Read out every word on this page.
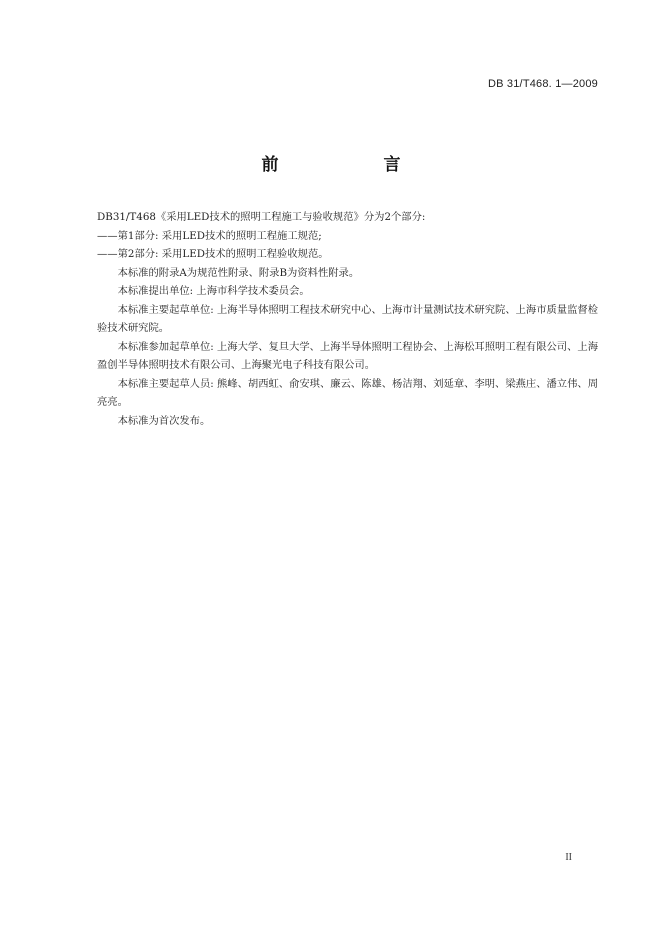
DB 31/T468. 1—2009
前　言

DB31/T468《采用LED技术的照明工程施工与验收规范》分为2个部分:

——第1部分: 采用LED技术的照明工程施工规范;

——第2部分: 采用LED技术的照明工程验收规范。

本标准的附录A为规范性附录、附录B为资料性附录。

本标准提出单位: 上海市科学技术委员会。

本标准主要起草单位: 上海半导体照明工程技术研究中心、上海市计量测试技术研究院、上海市质量监督检验技术研究院。

本标准参加起草单位: 上海大学、复旦大学、上海半导体照明工程协会、上海松耳照明工程有限公司、上海盈创半导体照明技术有限公司、上海聚光电子科技有限公司。

本标准主要起草人员: 熊峰、胡西虹、俞安琪、廉云、陈雄、杨洁翔、刘延章、李明、梁燕庄、潘立伟、周亮亮。

本标准为首次发布。

II
